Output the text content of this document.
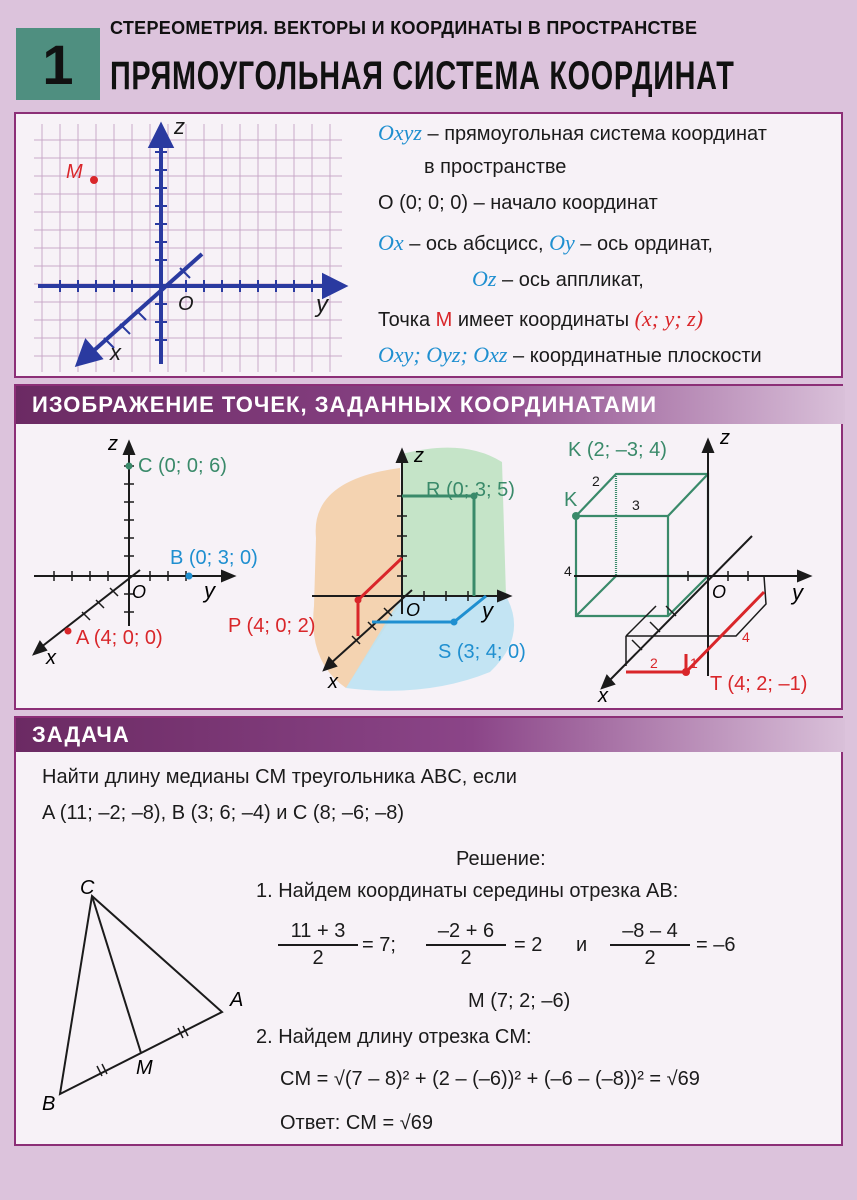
1
СТЕРЕОМЕТРИЯ. ВЕКТОРЫ И КООРДИНАТЫ В ПРОСТРАНСТВЕ
ПРЯМОУГОЛЬНАЯ СИСТЕМА КООРДИНАТ
z
y
x
O
M
Oxyz – прямоугольная система координат
в пространстве
O (0; 0; 0) – начало координат
Ox – ось абсцисс, Oy – ось ординат,
Oz – ось аппликат,
Точка M имеет координаты (x; y; z)
Oxy; Oyz; Oxz – координатные плоскости
ИЗОБРАЖЕНИЕ ТОЧЕК, ЗАДАННЫХ КООРДИНАТАМИ
z
y
x
O
C (0; 0; 6)
B (0; 3; 0)
A (4; 0; 0)
z
y
x
O
R (0; 3; 5)
P (4; 0; 2)
S (3; 4; 0)
z
y
x
O
K (2; –3; 4)
K
2
3
4
4
1
2
T (4; 2; –1)
ЗАДАЧА
Найти длину медианы CM треугольника ABC, если
A (11; –2; –8), B (3; 6; –4) и C (8; –6; –8)
C
A
B
M
Решение:
1. Найдем координаты середины отрезка AB:
$\frac{11 + 3}{2} = 7$; $\frac{-2 + 6}{2} = 2$ и $\frac{-8 - 4}{2} = -6$
M (7; 2; –6)
2. Найдем длину отрезка CM:
CM = √(7 – 8)² + (2 – (–6))² + (–6 – (–8))² = √69
Ответ: CM = √69
